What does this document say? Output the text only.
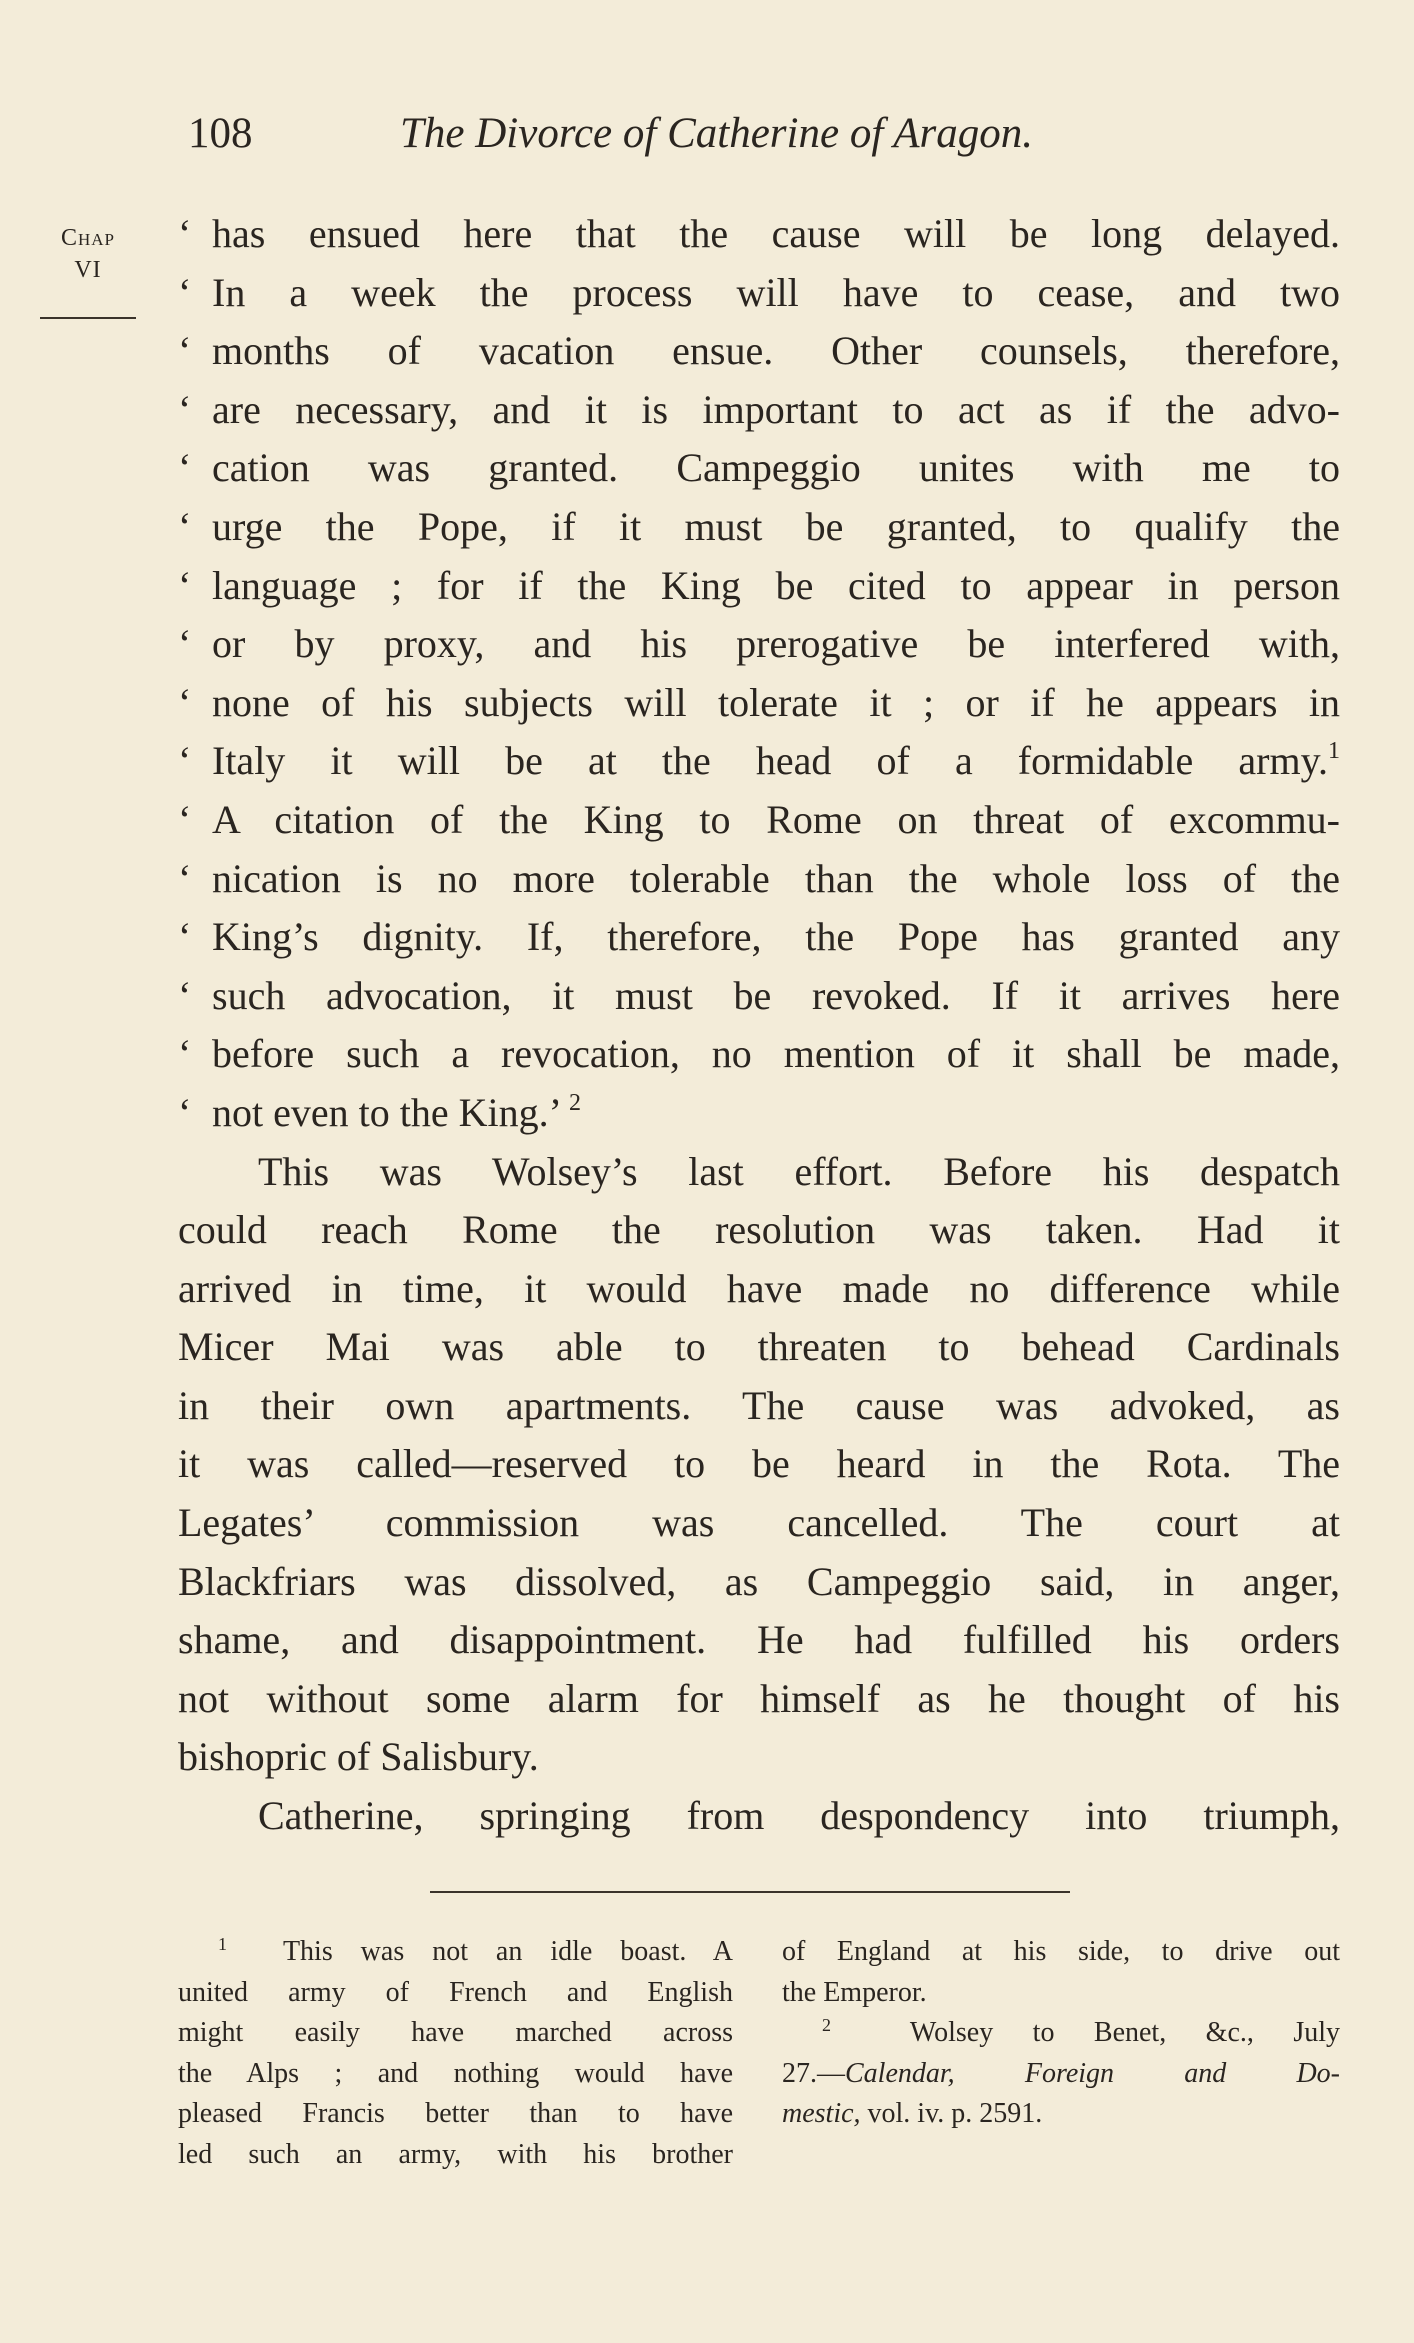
108	The Divorce of Catherine of Aragon.
Chap
VI
‘ has ensued here that the cause will be long delayed.
‘ In a week the process will have to cease, and two
‘ months of vacation ensue. Other counsels, therefore,
‘ are necessary, and it is important to act as if the advo-
‘ cation was granted. Campeggio unites with me to
‘ urge the Pope, if it must be granted, to qualify the
‘ language ; for if the King be cited to appear in person
‘ or by proxy, and his prerogative be interfered with,
‘ none of his subjects will tolerate it ; or if he appears in
‘ Italy it will be at the head of a formidable army.$^1$
‘ A citation of the King to Rome on threat of excommu-
‘ nication is no more tolerable than the whole loss of the
‘ King’s dignity. If, therefore, the Pope has granted any
‘ such advocation, it must be revoked. If it arrives here
‘ before such a revocation, no mention of it shall be made,
‘ not even to the King.’ $^2$
This was Wolsey’s last effort. Before his despatch
could reach Rome the resolution was taken. Had it
arrived in time, it would have made no difference while
Micer Mai was able to threaten to behead Cardinals
in their own apartments. The cause was advoked, as
it was called—reserved to be heard in the Rota. The
Legates’ commission was cancelled. The court at
Blackfriars was dissolved, as Campeggio said, in anger,
shame, and disappointment. He had fulfilled his orders
not without some alarm for himself as he thought of his
bishopric of Salisbury.
Catherine, springing from despondency into triumph,
$^1$ This was not an idle boast. A
united army of French and English
might easily have marched across
the Alps ; and nothing would have
pleased Francis better than to have
led such an army, with his brother
of England at his side, to drive out
the Emperor.
$^2$	Wolsey to Benet, &c., July
27.—Calendar, Foreign and Do-
mestic, vol. iv. p. 2591.
